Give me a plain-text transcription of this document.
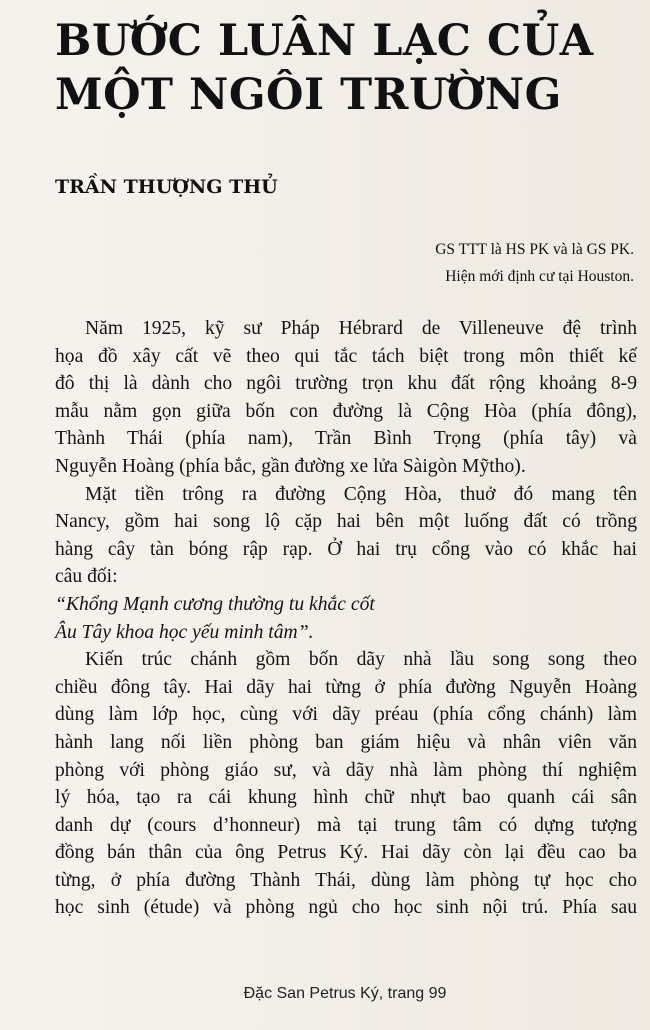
BƯỚC LUÂN LẠC CỦA
MỘT NGÔI TRƯỜNG
TRẦN THƯỢNG THỦ
GS TTT là HS PK và là GS PK.
Hiện mới định cư tại Houston.
Năm 1925, kỹ sư Pháp Hébrard de Villeneuve đệ trình
họa đồ xây cất vẽ theo qui tắc tách biệt trong môn thiết kế
đô thị là dành cho ngôi trường trọn khu đất rộng khoảng 8-9
mẫu nằm gọn giữa bốn con đường là Cộng Hòa (phía đông),
Thành Thái (phía nam), Trần Bình Trọng (phía tây) và
Nguyễn Hoàng (phía bắc, gần đường xe lửa Sàigòn Mỹtho).
Mặt tiền trông ra đường Cộng Hòa, thuở đó mang tên
Nancy, gồm hai song lộ cặp hai bên một luống đất có trồng
hàng cây tàn bóng rập rạp. Ở hai trụ cổng vào có khắc hai
câu đối:
“Khổng Mạnh cương thường tu khắc cốt
Âu Tây khoa học yếu minh tâm”.
Kiến trúc chánh gồm bốn dãy nhà lầu song song theo
chiều đông tây. Hai dãy hai từng ở phía đường Nguyễn Hoàng
dùng làm lớp học, cùng với dãy préau (phía cổng chánh) làm
hành lang nối liền phòng ban giám hiệu và nhân viên văn
phòng với phòng giáo sư, và dãy nhà làm phòng thí nghiệm
lý hóa, tạo ra cái khung hình chữ nhựt bao quanh cái sân
danh dự (cours d’honneur) mà tại trung tâm có dựng tượng
đồng bán thân của ông Petrus Ký. Hai dãy còn lại đều cao ba
từng, ở phía đường Thành Thái, dùng làm phòng tự học cho
học sinh (étude) và phòng ngủ cho học sinh nội trú. Phía sau
Đặc San Petrus Ký, trang 99
